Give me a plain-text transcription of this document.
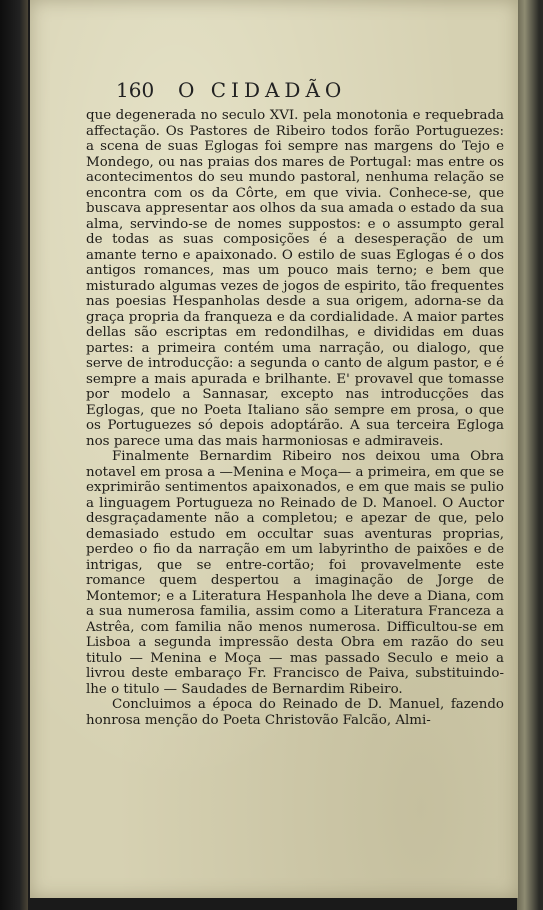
160 O CIDADÃO

que degenerada no seculo XVI. pela monotonia e requebrada affectação. Os Pastores de Ribeiro todos forão Portuguezes: a scena de suas Eglogas foi sempre nas margens do Tejo e Mondego, ou nas praias dos mares de Portugal: mas entre os acontecimentos do seu mundo pastoral, nenhuma relação se encontra com os da Côrte, em que vivia. Conhece-se, que buscava appresentar aos olhos da sua amada o estado da sua alma, servindo-se de nomes suppostos: e o assumpto geral de todas as suas composições é a desesperação de um amante terno e apaixonado. O estilo de suas Eglogas é o dos antigos romances, mas um pouco mais terno; e bem que misturado algumas vezes de jogos de espirito, tão frequentes nas poesias Hespanholas desde a sua origem, adorna-se da graça propria da franqueza e da cordialidade. A maior partes dellas são escriptas em redondilhas, e divididas em duas partes: a primeira contém uma narração, ou dialogo, que serve de introducção: a segunda o canto de algum pastor, e é sempre a mais apurada e brilhante. E' provavel que tomasse por modelo a Sannasar, excepto nas introducções das Eglogas, que no Poeta Italiano são sempre em prosa, o que os Portuguezes só depois adoptárão. A sua terceira Egloga nos parece uma das mais harmoniosas e admiraveis.

Finalmente Bernardim Ribeiro nos deixou uma Obra notavel em prosa a —Menina e Moça— a primeira, em que se exprimirão sentimentos apaixonados, e em que mais se pulio a linguagem Portugueza no Reinado de D. Manoel. O Auctor desgraçadamente não a completou; e apezar de que, pelo demasiado estudo em occultar suas aventuras proprias, perdeo o fio da narração em um labyrintho de paixões e de intrigas, que se entre-cortão; foi provavelmente este romance quem despertou a imaginação de Jorge de Montemor; e a Literatura Hespanhola lhe deve a Diana, com a sua numerosa familia, assim como a Literatura Franceza a Astrêa, com familia não menos numerosa. Difficultou-se em Lisboa a segunda impressão desta Obra em razão do seu titulo — Menina e Moça — mas passado Seculo e meio a livrou deste embaraço Fr. Francisco de Paiva, substituindo-lhe o titulo — Saudades de Bernardim Ribeiro.

Concluimos a época do Reinado de D. Manuel, fazendo honrosa menção do Poeta Christovão Falcão, Almi-
